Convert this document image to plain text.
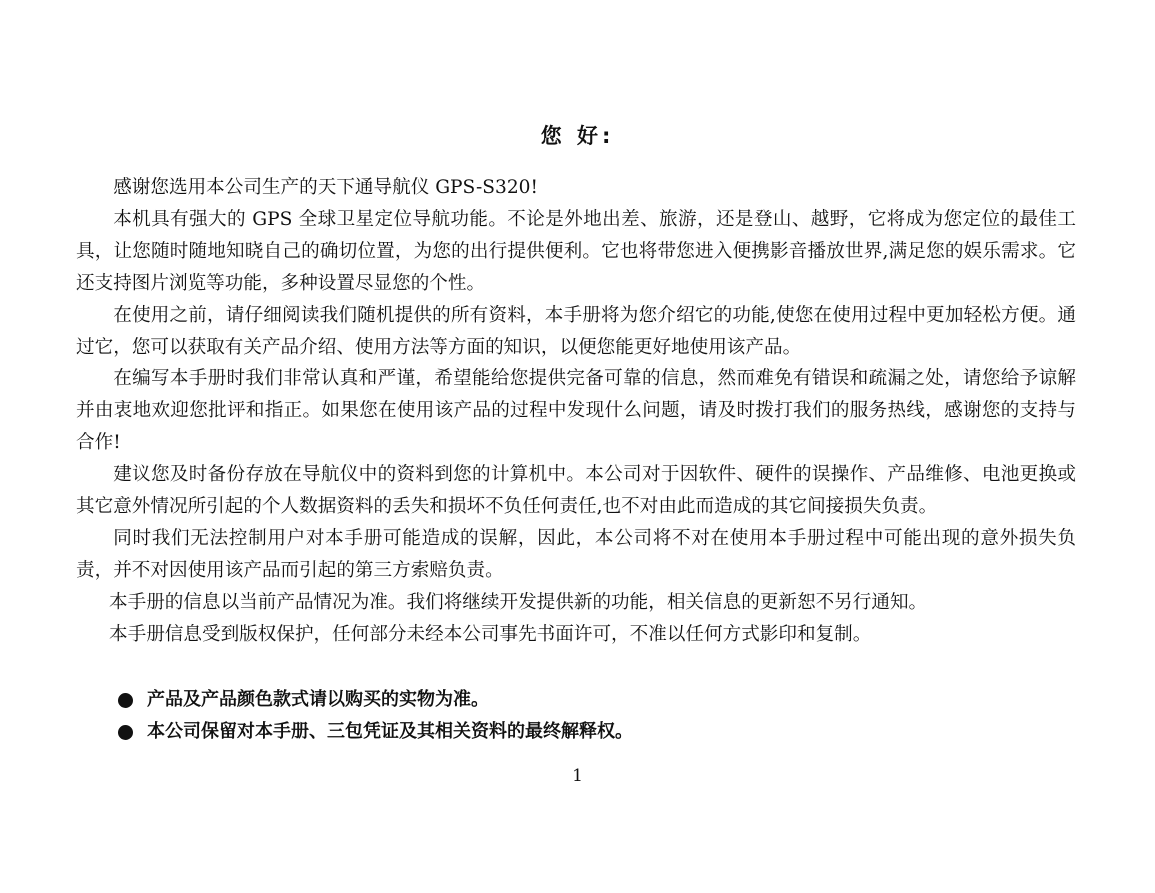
您 好:

感谢您选用本公司生产的天下通导航仪 GPS-S320!

本机具有强大的 GPS 全球卫星定位导航功能。不论是外地出差、旅游，还是登山、越野，它将成为您定位的最佳工具，让您随时随地知晓自己的确切位置，为您的出行提供便利。它也将带您进入便携影音播放世界,满足您的娱乐需求。它还支持图片浏览等功能，多种设置尽显您的个性。

在使用之前，请仔细阅读我们随机提供的所有资料，本手册将为您介绍它的功能,使您在使用过程中更加轻松方便。通过它，您可以获取有关产品介绍、使用方法等方面的知识，以便您能更好地使用该产品。

在编写本手册时我们非常认真和严谨，希望能给您提供完备可靠的信息，然而难免有错误和疏漏之处，请您给予谅解并由衷地欢迎您批评和指正。如果您在使用该产品的过程中发现什么问题，请及时拨打我们的服务热线，感谢您的支持与合作!

建议您及时备份存放在导航仪中的资料到您的计算机中。本公司对于因软件、硬件的误操作、产品维修、电池更换或其它意外情况所引起的个人数据资料的丢失和损坏不负任何责任,也不对由此而造成的其它间接损失负责。

同时我们无法控制用户对本手册可能造成的误解，因此，本公司将不对在使用本手册过程中可能出现的意外损失负责，并不对因使用该产品而引起的第三方索赔负责。

本手册的信息以当前产品情况为准。我们将继续开发提供新的功能，相关信息的更新恕不另行通知。

本手册信息受到版权保护，任何部分未经本公司事先书面许可，不准以任何方式影印和复制。

产品及产品颜色款式请以购买的实物为准。
本公司保留对本手册、三包凭证及其相关资料的最终解释权。
1
